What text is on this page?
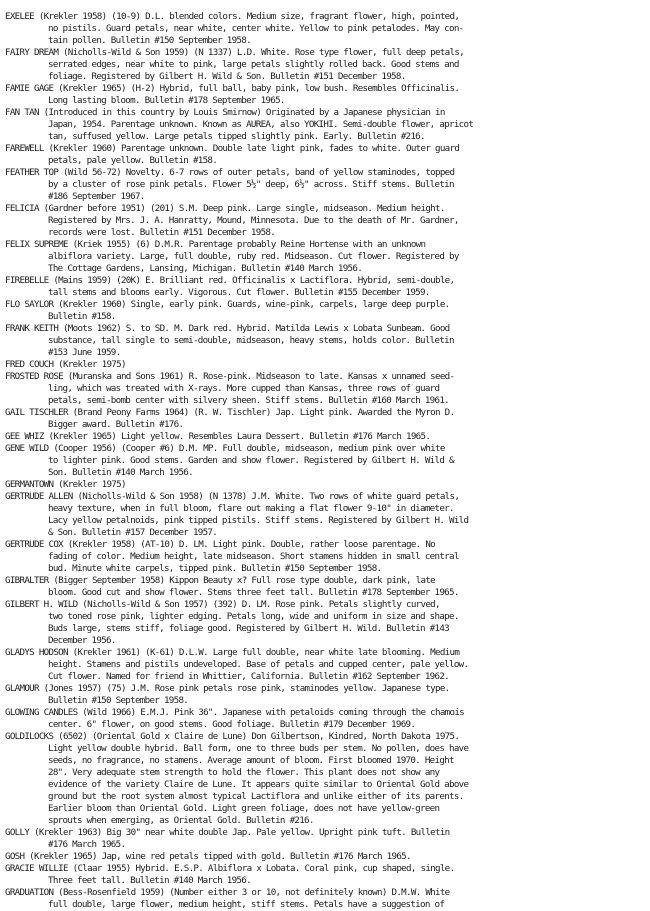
EXELEE (Krekler 1958) (10-9) D.L. blended colors. Medium size, fragrant flower, high, pointed,
no pistils. Guard petals, near white, center white. Yellow to pink petalodes. May con-
tain pollen. Bulletin #150 September 1958.
FAIRY DREAM (Nicholls-Wild & Son 1959) (N 1337) L.D. White. Rose type flower, full deep petals,
serrated edges, near white to pink, large petals slightly rolled back. Good stems and
foliage. Registered by Gilbert H. Wild & Son. Bulletin #151 December 1958.
FAMIE GAGE (Krekler 1965) (H-2) Hybrid, full ball, baby pink, low bush. Resembles Officinalis.
Long lasting bloom. Bulletin #178 September 1965.
FAN TAN (Introduced in this country by Louis Smirnow) Originated by a Japanese physician in
Japan, 1954. Parentage unknown. Known as AUREA, also YOKIHI. Semi-double flower, apricot
tan, suffused yellow. Large petals tipped slightly pink. Early. Bulletin #216.
FAREWELL (Krekler 1960) Parentage unknown. Double late light pink, fades to white. Outer guard
petals, pale yellow. Bulletin #158.
FEATHER TOP (Wild 56-72) Novelty. 6-7 rows of outer petals, band of yellow staminodes, topped
by a cluster of rose pink petals. Flower 5½" deep, 6½" across. Stiff stems. Bulletin
#186 September 1967.
FELICIA (Gardner before 1951) (201) S.M. Deep pink. Large single, midseason. Medium height.
Registered by Mrs. J. A. Hanratty, Mound, Minnesota. Due to the death of Mr. Gardner,
records were lost. Bulletin #151 December 1958.
FELIX SUPREME (Kriek 1955) (6) D.M.R. Parentage probably Reine Hortense with an unknown
albiflora variety. Large, full double, ruby red. Midseason. Cut flower. Registered by
The Cottage Gardens, Lansing, Michigan. Bulletin #140 March 1956.
FIREBELLE (Mains 1959) (20K) E. Brilliant red. Officinalis x Lactiflora. Hybrid, semi-double,
tall stems and blooms early. Vigorous. Cut flower. Bulletin #155 December 1959.
FLO SAYLOR (Krekler 1960) Single, early pink. Guards, wine-pink, carpels, large deep purple.
Bulletin #158.
FRANK KEITH (Moots 1962) S. to SD. M. Dark red. Hybrid. Matilda Lewis x Lobata Sunbeam. Good
substance, tall single to semi-double, midseason, heavy stems, holds color. Bulletin
#153 June 1959.
FRED COUCH (Krekler 1975)
FROSTED ROSE (Muranska and Sons 1961) R. Rose-pink. Midseason to late. Kansas x unnamed seed-
ling, which was treated with X-rays. More cupped than Kansas, three rows of guard
petals, semi-bomb center with silvery sheen. Stiff stems. Bulletin #160 March 1961.
GAIL TISCHLER (Brand Peony Farms 1964) (R. W. Tischler) Jap. Light pink. Awarded the Myron D.
Bigger award. Bulletin #176.
GEE WHIZ (Krekler 1965) Light yellow. Resembles Laura Dessert. Bulletin #176 March 1965.
GENE WILD (Cooper 1956) (Cooper #6) D.M. MP. Full double, midseason, medium pink over white
to lighter pink. Good stems. Garden and show flower. Registered by Gilbert H. Wild &
Son. Bulletin #140 March 1956.
GERMANTOWN (Krekler 1975)
GERTRUDE ALLEN (Nicholls-Wild & Son 1958) (N 1378) J.M. White. Two rows of white guard petals,
heavy texture, when in full bloom, flare out making a flat flower 9-10" in diameter.
Lacy yellow petalnoids, pink tipped pistils. Stiff stems. Registered by Gilbert H. Wild
& Son. Bulletin #157 December 1957.
GERTRUDE COX (Krekler 1958) (AT-10) D. LM. Light pink. Double, rather loose parentage. No
fading of color. Medium height, late midseason. Short stamens hidden in small central
bud. Minute white carpels, tipped pink. Bulletin #150 September 1958.
GIBRALTER (Bigger September 1958) Kippon Beauty x? Full rose type double, dark pink, late
bloom. Good cut and show flower. Stems three feet tall. Bulletin #178 September 1965.
GILBERT H. WILD (Nicholls-Wild & Son 1957) (392) D. LM. Rose pink. Petals slightly curved,
two toned rose pink, lighter edging. Petals long, wide and uniform in size and shape.
Buds large, stems stiff, foliage good. Registered by Gilbert H. Wild. Bulletin #143
December 1956.
GLADYS HODSON (Krekler 1961) (K-61) D.L.W. Large full double, near white late blooming. Medium
height. Stamens and pistils undeveloped. Base of petals and cupped center, pale yellow.
Cut flower. Named for friend in Whittier, California. Bulletin #162 September 1962.
GLAMOUR (Jones 1957) (75) J.M. Rose pink petals rose pink, staminodes yellow. Japanese type.
Bulletin #150 September 1958.
GLOWING CANDLES (Wild 1966) E.M.J. Pink 36". Japanese with petaloids coming through the chamois
center. 6" flower, on good stems. Good foliage. Bulletin #179 December 1969.
GOLDILOCKS (6502) (Oriental Gold x Claire de Lune) Don Gilbertson, Kindred, North Dakota 1975.
Light yellow double hybrid. Ball form, one to three buds per stem. No pollen, does have
seeds, no fragrance, no stamens. Average amount of bloom. First bloomed 1970. Height
28". Very adequate stem strength to hold the flower. This plant does not show any
evidence of the variety Claire de Lune. It appears quite similar to Oriental Gold above
ground but the root system almost typical Lactiflora and unlike either of its parents.
Earlier bloom than Oriental Gold. Light green foliage, does not have yellow-green
sprouts when emerging, as Oriental Gold. Bulletin #216.
GOLLY (Krekler 1963) Big 30" near white double Jap. Pale yellow. Upright pink tuft. Bulletin
#176 March 1965.
GOSH (Krekler 1965) Jap, wine red petals tipped with gold. Bulletin #176 March 1965.
GRACIE WILLIE (Claar 1955) Hybrid. E.S.P. Albiflora x Lobata. Coral pink, cup shaped, single.
Three feet tall. Bulletin #140 March 1956.
GRADUATION (Bess-Rosenfield 1959) (Number either 3 or 10, not definitely known) D.M.W. White
full double, large flower, medium height, stiff stems. Petals have a suggestion of
